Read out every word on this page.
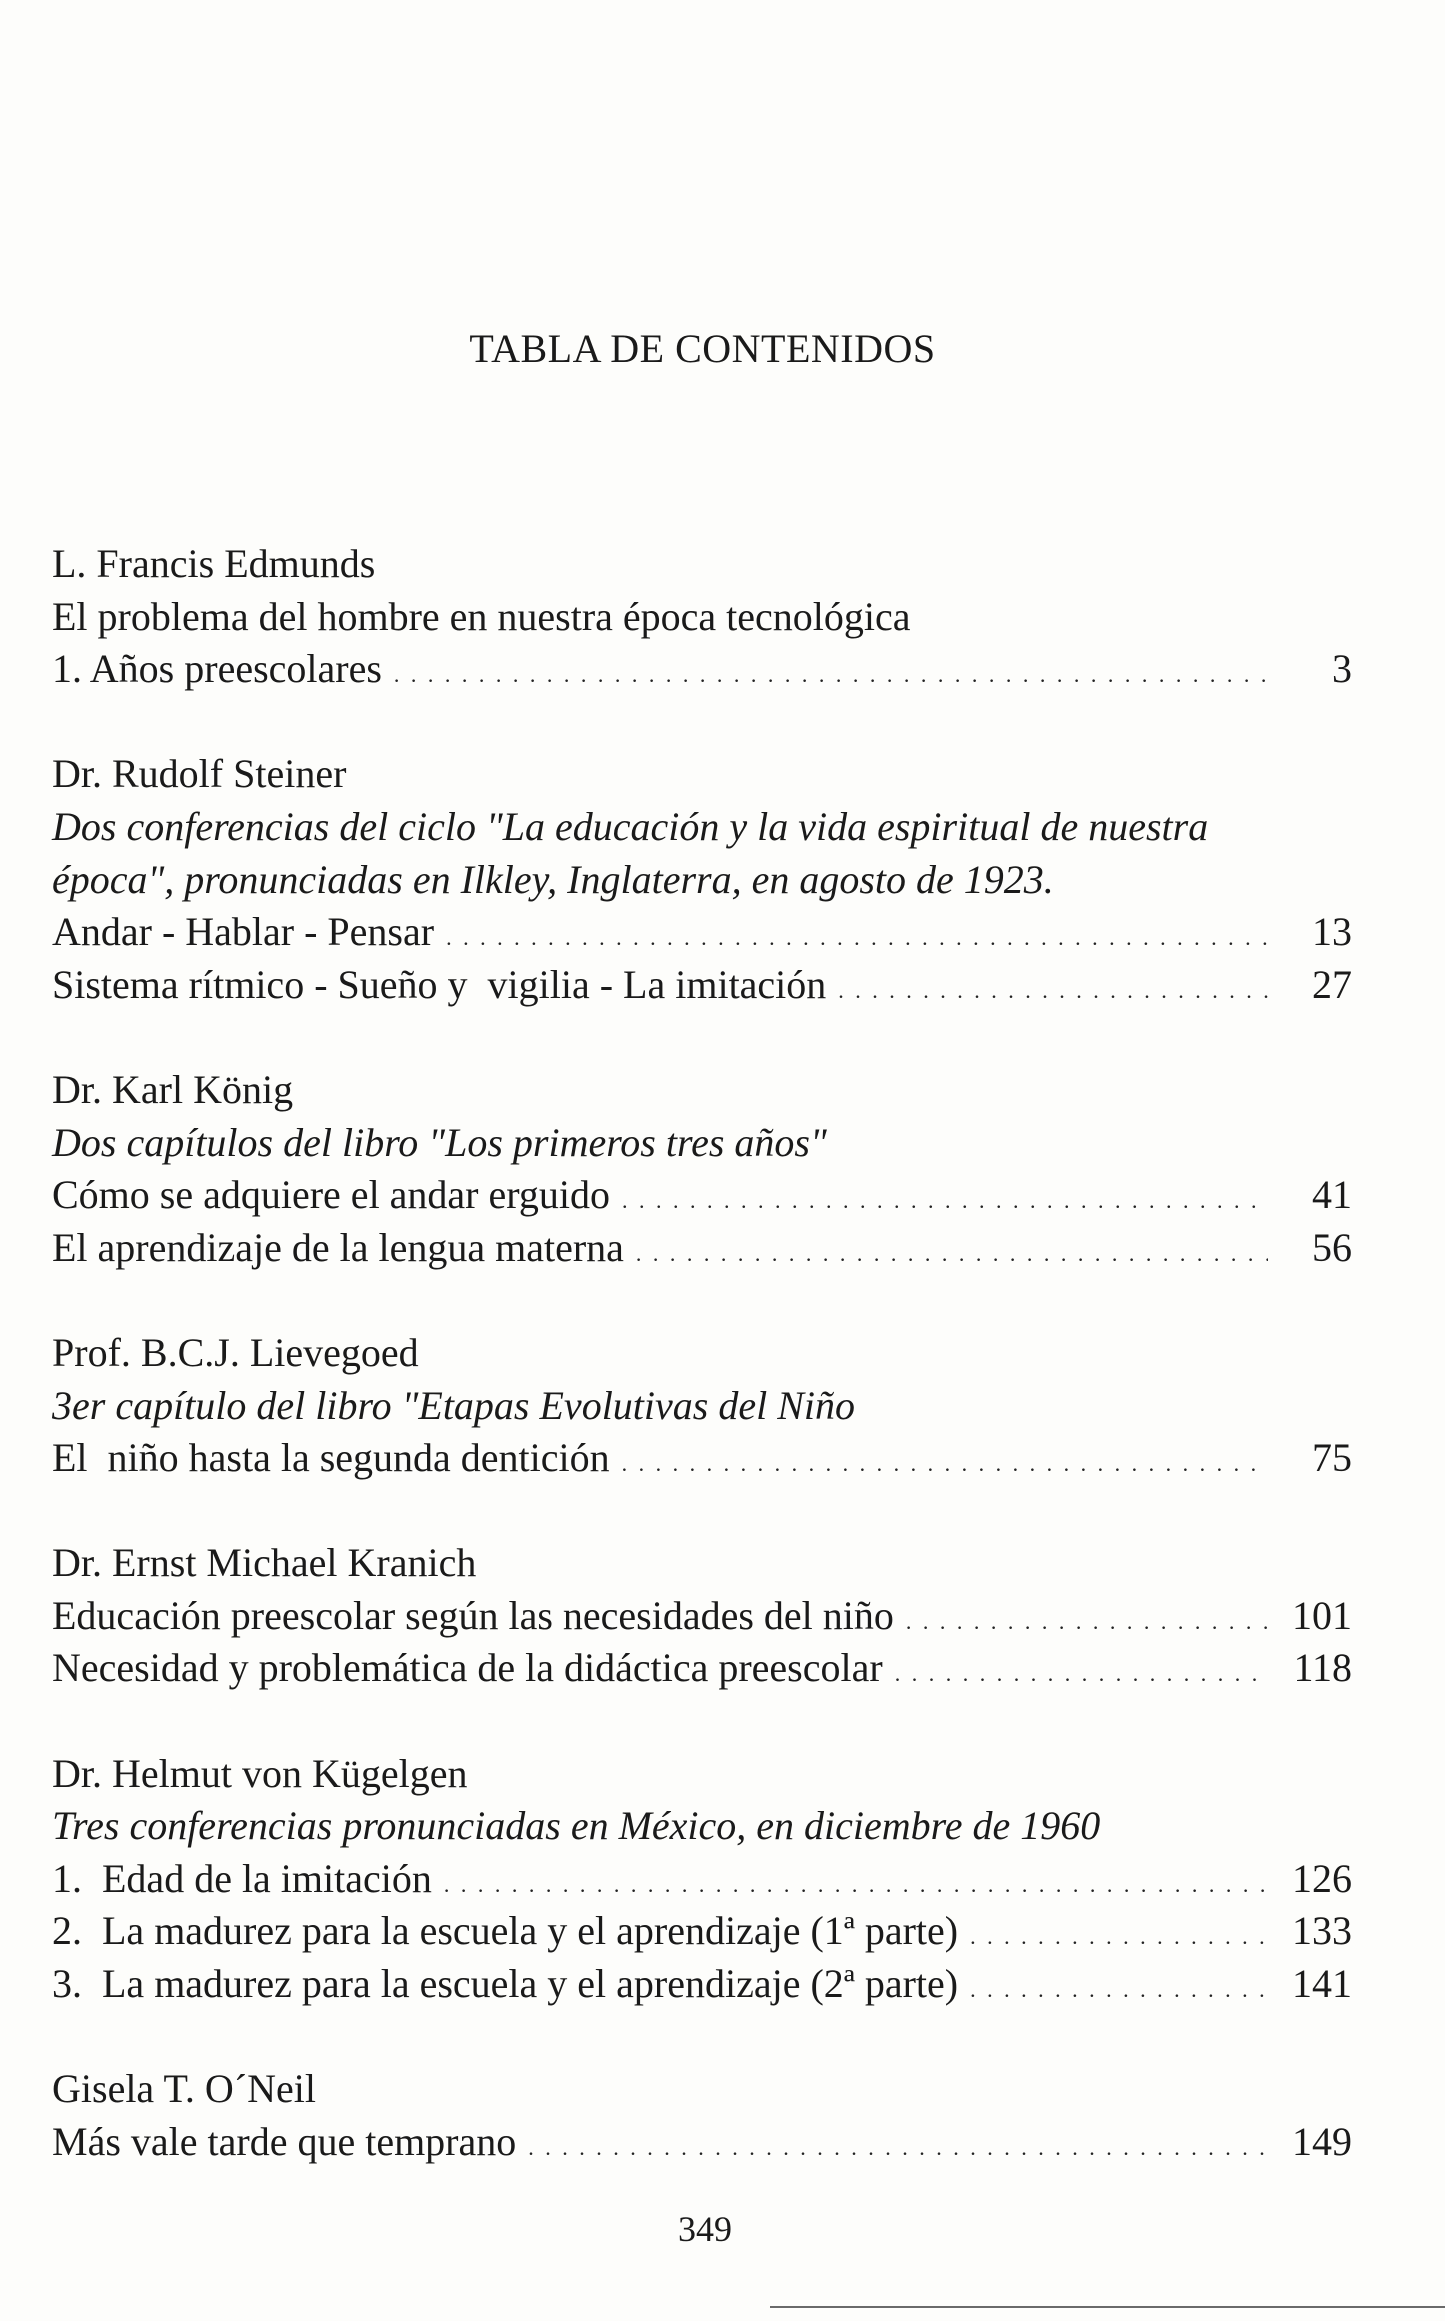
TABLA DE CONTENIDOS
L. Francis Edmunds
El problema del hombre en nuestra época tecnológica
1. Años preescolares . . .	3
Dr. Rudolf Steiner
Dos conferencias del ciclo "La educación y la vida espiritual de nuestra
época", pronunciadas en Ilkley, Inglaterra, en agosto de 1923.
Andar - Hablar - Pensar . . .	13
Sistema rítmico - Sueño y  vigilia - La imitación . . .	27
Dr. Karl König
Dos capítulos del libro "Los primeros tres años"
Cómo se adquiere el andar erguido . . .	41
El aprendizaje de la lengua materna . . .	56
Prof. B.C.J. Lievegoed
3er capítulo del libro "Etapas Evolutivas del Niño
El  niño hasta la segunda dentición . . .	75
Dr. Ernst Michael Kranich
Educación preescolar según las necesidades del niño . . .	101
Necesidad y problemática de la didáctica preescolar . . .	118
Dr. Helmut von Kügelgen
Tres conferencias pronunciadas en México, en diciembre de 1960
1.  Edad de la imitación . . .	126
2.  La madurez para la escuela y el aprendizaje (1ª parte) . . .	133
3.  La madurez para la escuela y el aprendizaje (2ª parte) . . .	141
Gisela T. O´Neil
Más vale tarde que temprano . . .	149
349
